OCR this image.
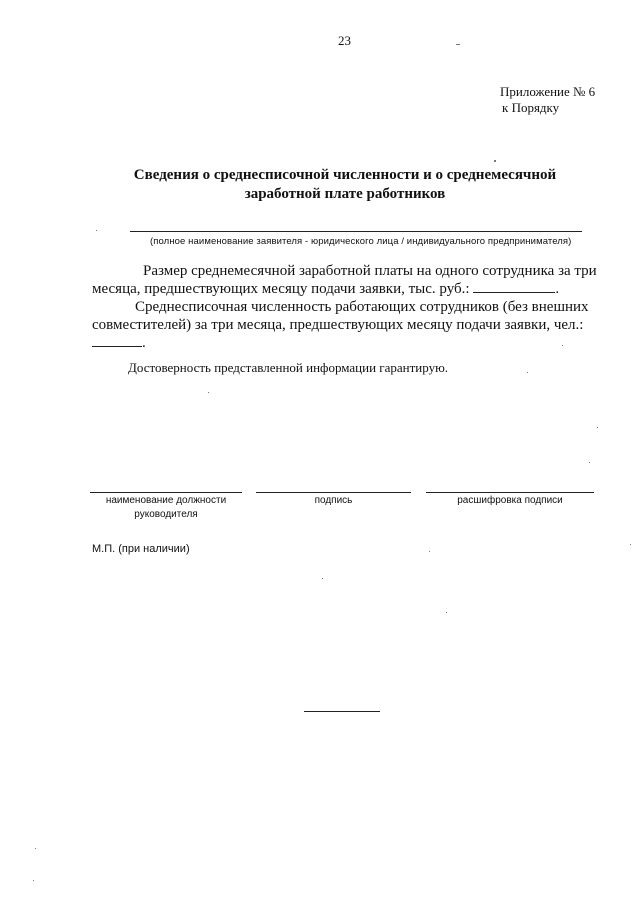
23
Приложение № 6
к Порядку
Сведения о среднесписочной численности и о среднемесячной
заработной плате работников
(полное наименование заявителя - юридического лица / индивидуального предпринимателя)
Размер среднемесячной заработной платы на одного сотрудника за три
месяца, предшествующих месяцу подачи заявки, тыс. руб.:	.
Среднесписочная численность работающих сотрудников (без внешних
совместителей) за три месяца, предшествующих месяцу подачи заявки, чел.:
.
Достоверность представленной информации гарантирую.
наименование должности
руководителя
подпись	расшифровка подписи
М.П. (при наличии)
